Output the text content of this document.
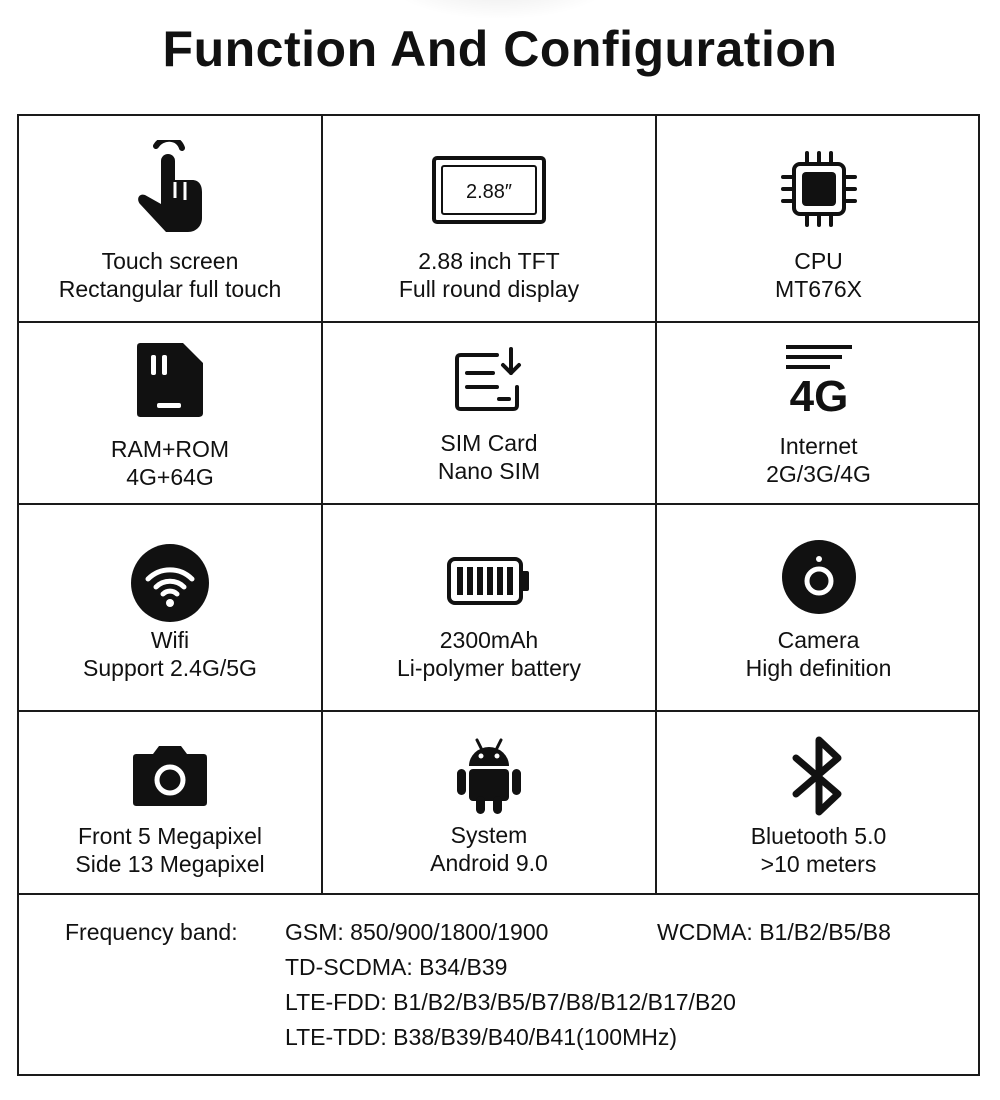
Function And Configuration
Touch screen
Rectangular full touch
2.88″
2.88 inch TFT
Full round display
CPU
MT676X
RAM+ROM
4G+64G
SIM Card
Nano SIM
4G
Internet
2G/3G/4G
Wifi
Support 2.4G/5G
2300mAh
Li-polymer battery
Camera
High definition
Front 5 Megapixel
Side 13 Megapixel
System
Android 9.0
Bluetooth 5.0
>10 meters
Frequency band: GSM: 850/900/1800/1900	WCDMA: B1/B2/B5/B8
TD-SCDMA: B34/B39
LTE-FDD: B1/B2/B3/B5/B7/B8/B12/B17/B20
LTE-TDD: B38/B39/B40/B41(100MHz)
